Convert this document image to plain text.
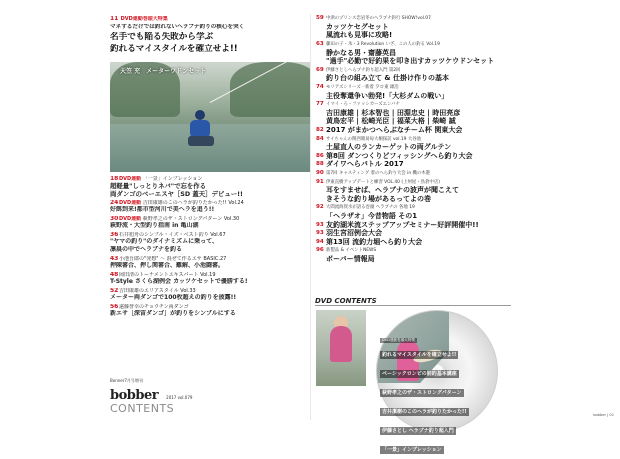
11 DVD連動巻頭大特集
マネするだけでは釣れないヘラブナ釣りの核心を突く
名手でも陥る失敗から学ぶ
釣れるマイスタイルを確立せよ!!
天笠 充　メーターワドンセット
18DVD連動 「一景」インプレッション
超軽量"しっとりネバ"で忘を作る
両ダンゴのベーエスヤ［SD 蓋天］デビュー!!
24DVD連動 吉田康雄のこのヘラが釣りたかった!! Vol.24
好餌到来!都市型河川で美ヘラを追う!!
30DVD連動 萩野孝之のザ・ストロングパターン Vol.30
萩野流・大型釣り指南 in 亀山湖
36石井旭舟のシンプル・イズ・ベスト釣り Vol.67
"ヤマの釣り"のダイナミズムに乗って、
凛晨の中でヘラブナを釣る
43小池吾郎の"発想" 〜 混ぜて作るエサ BASIC.27
押陳審合、押し関審合、難解、小池闘審。
48岡田清のトーナメントエキスパート Vol.19
T-Style さくら湖例会 カッツケセットで優勝する!
52吉田康雄のエリアスタイル Vol.33
メーター両ダンゴで100枚超えの釣りを披露!!
56遠藤誉幸のチョウチン両ダンゴ
新エサ［深宙ダンゴ］が釣りをシンプルにする
Bonner7月号増刊
bobber 2017 vol.079
CONTENTS
59 中津のプリンス恋岩冬のヘラブナ釣行 SHOW!vol.07
カッツケセグセット
風流れも見事に攻略!
63 藤田の子・氷・3 Revolution いざ、この人の釣る Vol.19
静かなる男・齋藤英昌
"過手"必勤で好釣果を叩き出すカッツケウドンセット
69 伊藤さとしへらブナ釣り超入門 第2回
釣り台の組み立て & 仕掛け作りの基本
74 モリアズシリーズ一新着 夕ロ東 雄浩
主役奪還争い勃発!「大杉ダムの戦い」
77 イマイ・ろ・ファッシカーズエンバナ
吉田康雄 | 杉本智也 | 田淵忠史 | 時田亮彦
黄鳥宏平 | 松崎光臣 | 福菜大格 | 柴崎 誠
82 2017 がまかつへらぶなチーム杯 関東大会
84 サイちゃんの関西簡易毎大桐探訪 vol.19 大谷池
土屋直人のランカーゲットの両グルテン
86 第8回 ダンつくりどフィッシングへら釣り大会
88 ダイワへらバトル 2017
90 第7回 キャスティング 着のヘら釣り大会 in 機の木港
91 伊東直樹アップデートと練習 VOL.40 (上州屋・鳥倉中店)
耳をすませば、ヘラブナの波声が聞こえて
きそうな釣り場があるってよの巻
92 大間流海賀水が語る巻頭 ヘラブナの 各地 19
「へラザオ」今昔物語 その1
93 友釣湖米流ステップアップセミナー好評開催中!!
93 羽生宮沼例会大会
94 第13回 流釣力堀へら釣り大会
96 新製品 & イベントNEWS
ボーバー情報局
DVD CONTENTS
DVD連動巻頭大特集
釣れるマイスタイルを確立せよ!!
ベーシックロンピの罰的基本講座
萩野孝之のザ・ストロングパターン
吉井潔樹のこのヘラが釣りたかった!!
伊藤さとし へラブナ釣り超入門
「一景」インプレッション
bobber | 01
